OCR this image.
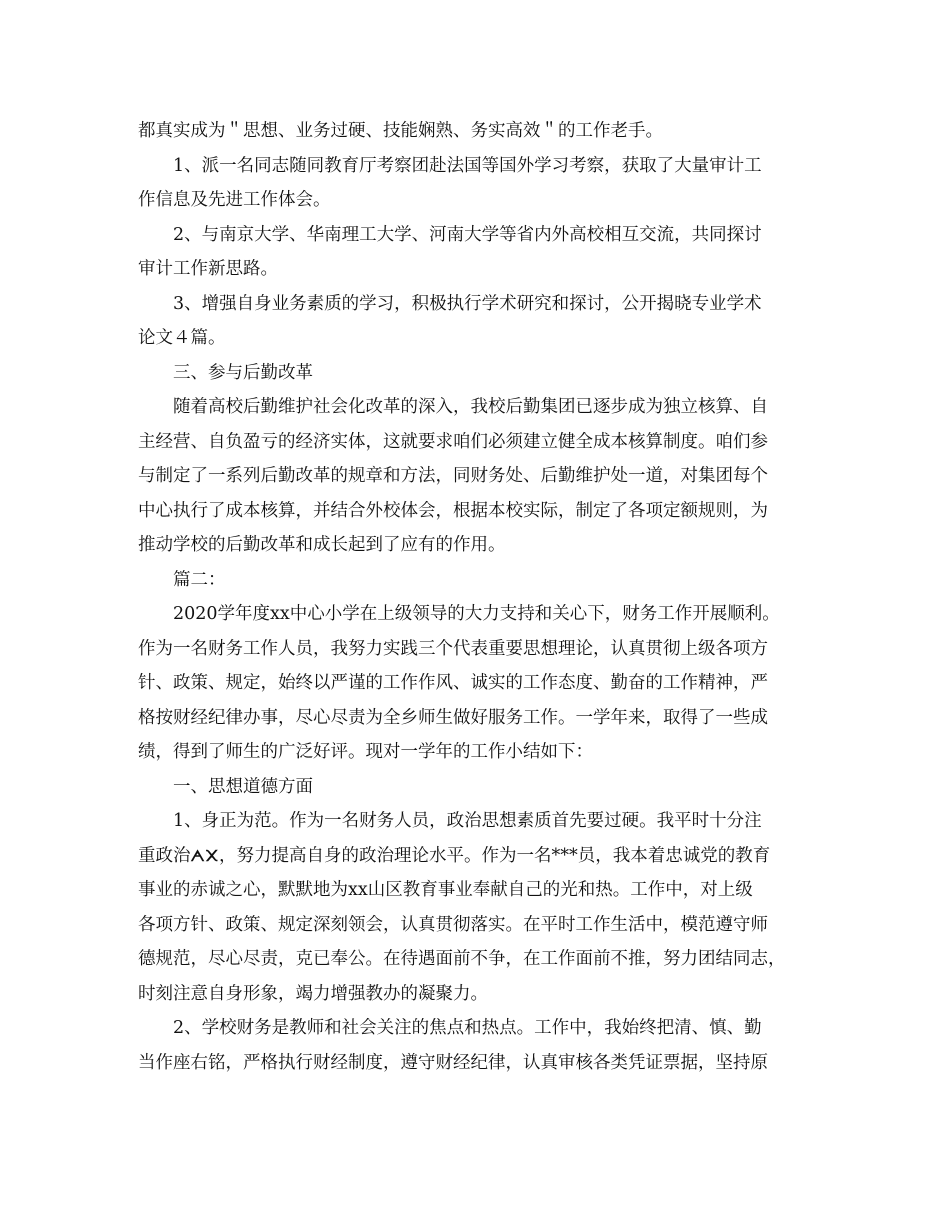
都真实成为＂思想、业务过硬、技能娴熟、务实高效＂的工作老手。
1、派一名同志随同教育厅考察团赴法国等国外学习考察，获取了大量审计工
作信息及先进工作体会。
2、与南京大学、华南理工大学、河南大学等省内外高校相互交流，共同探讨
审计工作新思路。
3、增强自身业务素质的学习，积极执行学术研究和探讨，公开揭晓专业学术
论文４篇。
三、参与后勤改革
随着高校后勤维护社会化改革的深入，我校后勤集团已逐步成为独立核算、自
主经营、自负盈亏的经济实体，这就要求咱们必须建立健全成本核算制度。咱们参
与制定了一系列后勤改革的规章和方法，同财务处、后勤维护处一道，对集团每个
中心执行了成本核算，并结合外校体会，根据本校实际，制定了各项定额规则，为
推动学校的后勤改革和成长起到了应有的作用。
篇二：
2020学年度xx中心小学在上级领导的大力支持和关心下，财务工作开展顺利。
作为一名财务工作人员，我努力实践三个代表重要思想理论，认真贯彻上级各项方
针、政策、规定，始终以严谨的工作作风、诚实的工作态度、勤奋的工作精神，严
格按财经纪律办事，尽心尽责为全乡师生做好服务工作。一学年来，取得了一些成
绩，得到了师生的广泛好评。现对一学年的工作小结如下：
一、思想道德方面
1、身正为范。作为一名财务人员，政治思想素质首先要过硬。我平时十分注
重政治ᗅ᙭，努力提高自身的政治理论水平。作为一名***员，我本着忠诚党的教育
事业的赤诚之心，默默地为xx山区教育事业奉献自己的光和热。工作中，对上级
各项方针、政策、规定深刻领会，认真贯彻落实。在平时工作生活中，模范遵守师
德规范，尽心尽责，克已奉公。在待遇面前不争，在工作面前不推，努力团结同志，
时刻注意自身形象，竭力增强教办的凝聚力。
2、学校财务是教师和社会关注的焦点和热点。工作中，我始终把清、慎、勤
当作座右铭，严格执行财经制度，遵守财经纪律，认真审核各类凭证票据，坚持原
